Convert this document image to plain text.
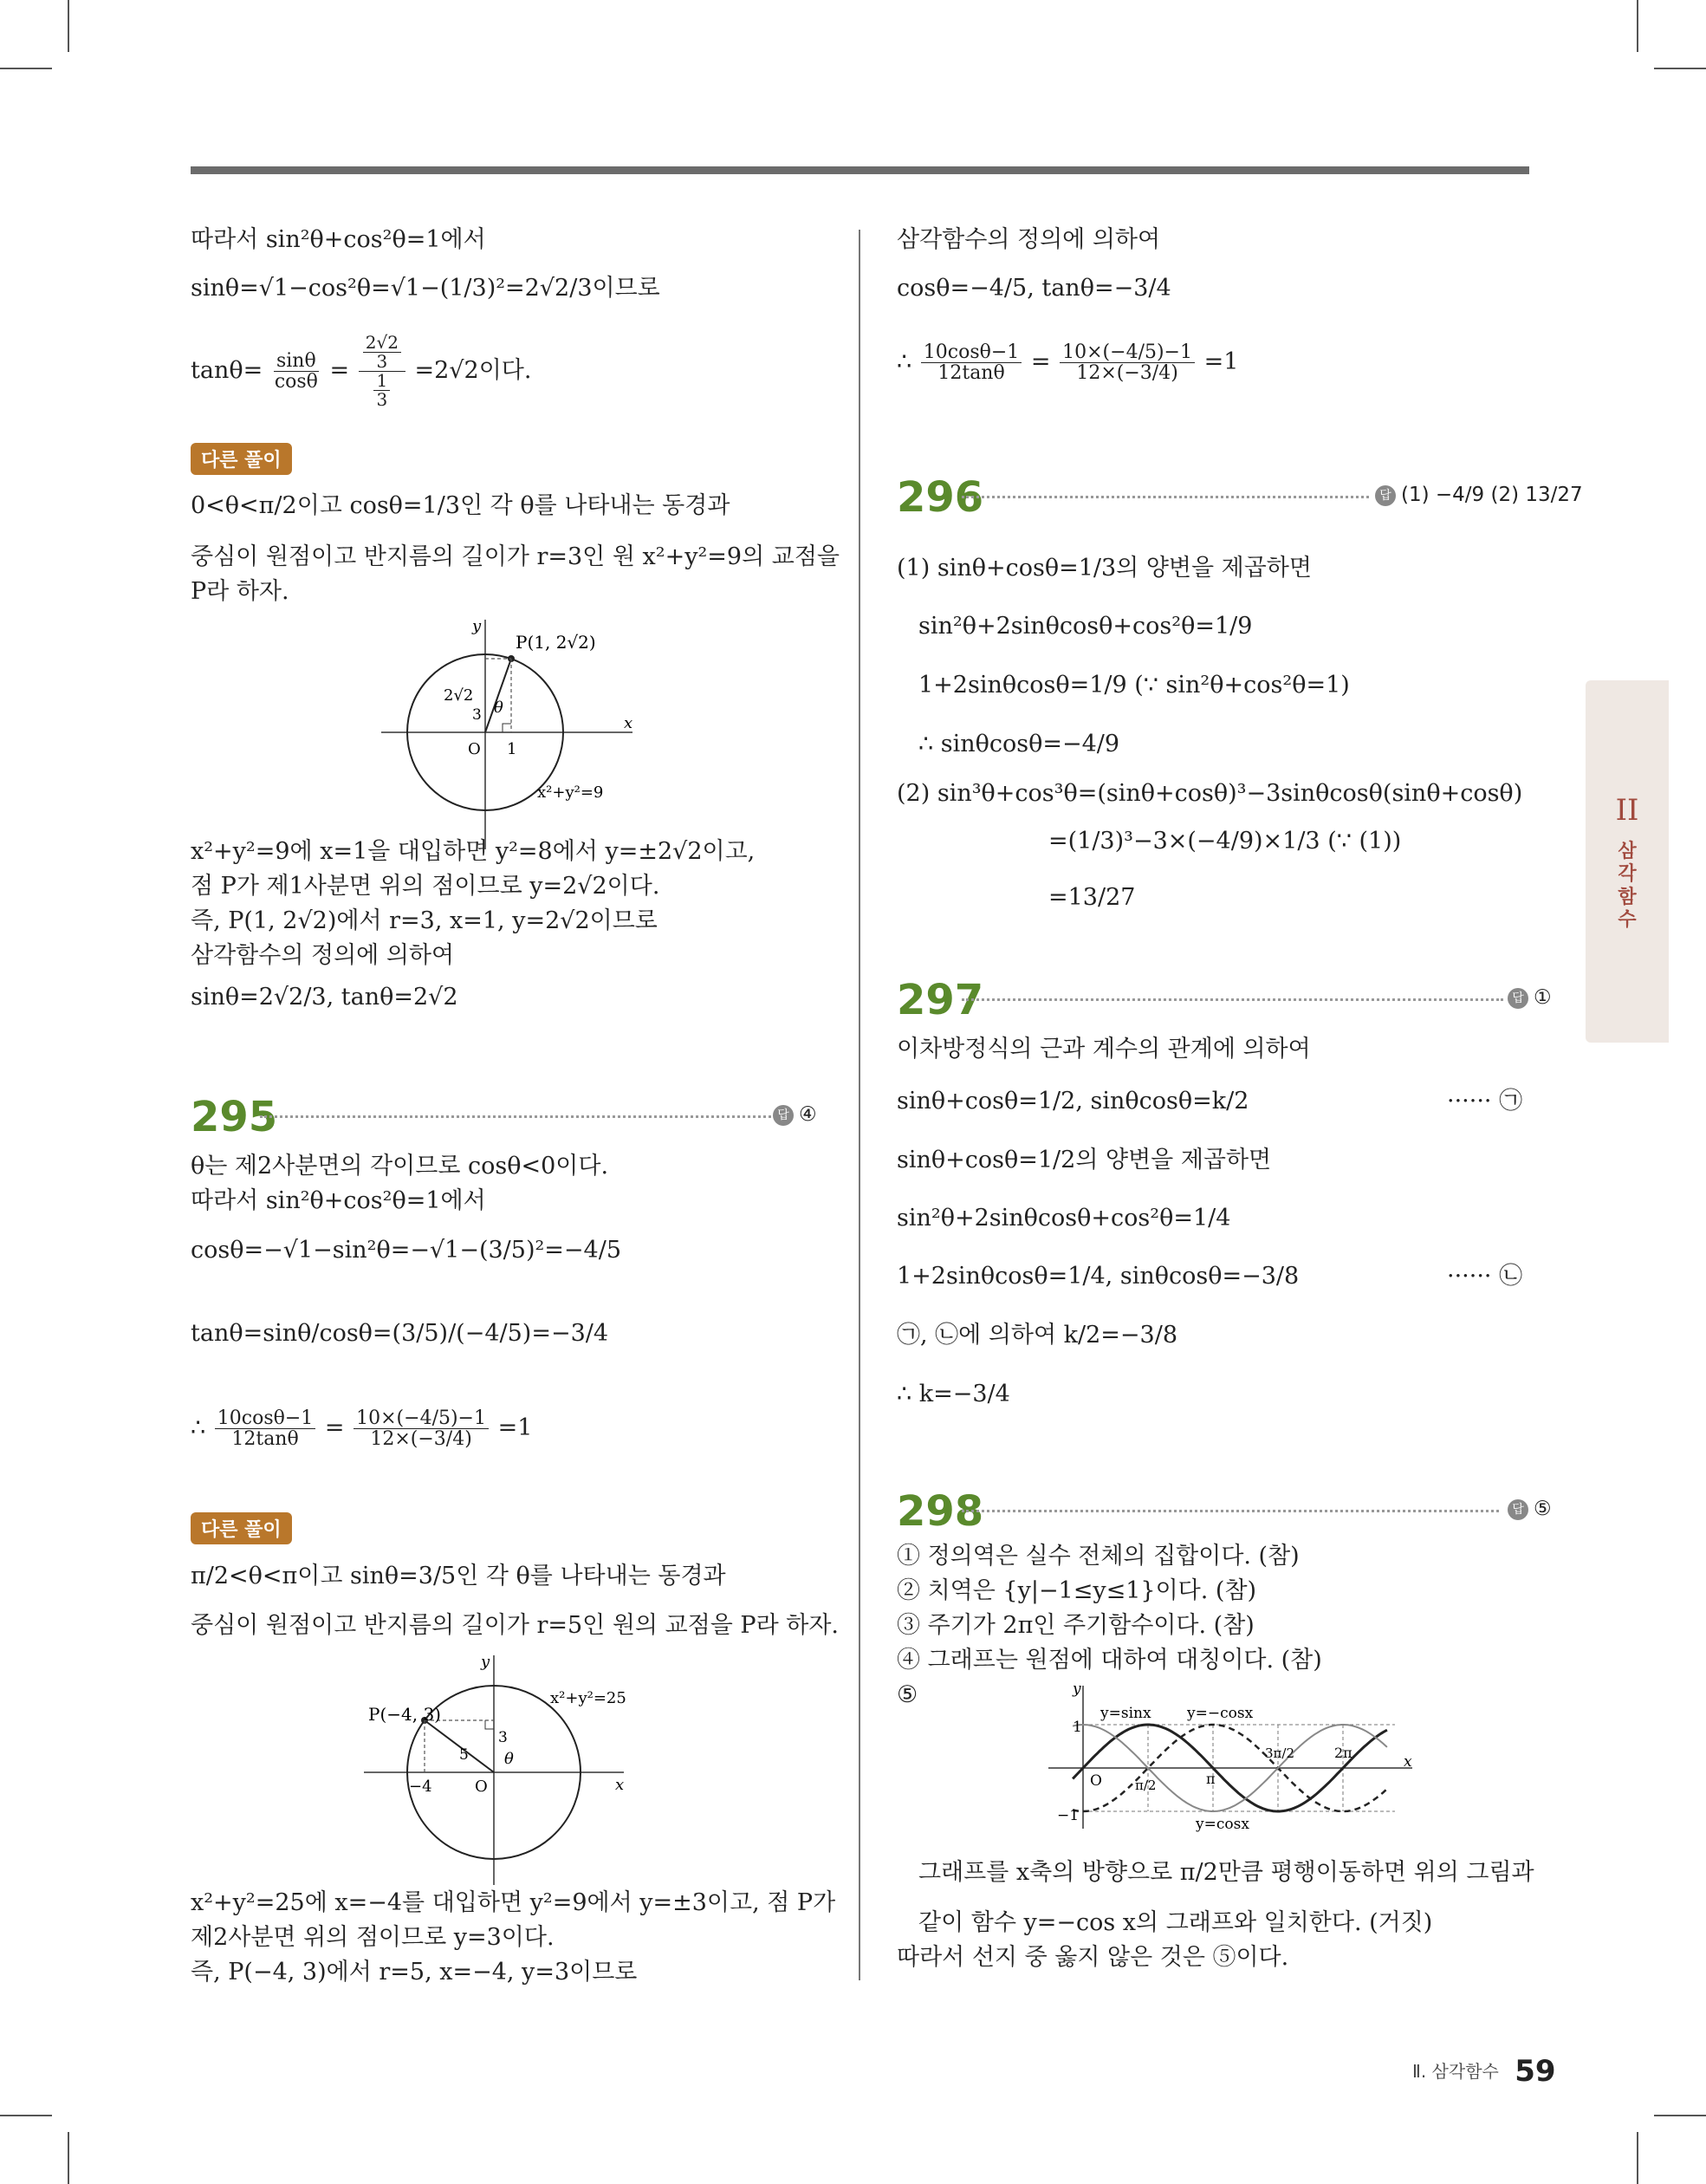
따라서 sin²θ+cos²θ=1에서
sinθ=√1−cos²θ=√1−(1/3)²=2√2/3이므로
$\tan\theta= \frac{\sin\theta}{\cos\theta} = \frac{\frac{2√2}{3}}{\frac{1}{3}} =2√2$이다.
다른 풀이
0<θ<π/2이고 cosθ=1/3인 각 θ를 나타내는 동경과
중심이 원점이고 반지름의 길이가 r=3인 원 x²+y²=9의 교점을
P라 하자.
P(1, 2√2)
2√2
3 θ
O 1
x
y
x²+y²=9
x²+y²=9에 x=1을 대입하면 y²=8에서 y=±2√2이고,
점 P가 제1사분면 위의 점이므로 y=2√2이다.
즉, P(1, 2√2)에서 r=3, x=1, y=2√2이므로
삼각함수의 정의에 의하여
sinθ=2√2/3, tanθ=2√2
295	답 ④
θ는 제2사분면의 각이므로 cosθ<0이다.
따라서 sin²θ+cos²θ=1에서
cosθ=−√1−sin²θ=−√1−(3/5)²=−4/5
tanθ=sinθ/cosθ=(3/5)/(−4/5)=−3/4
∴ $\frac{10\cos\theta-1}{12\tan\theta} = \frac{10\times(-4/5)-1}{12\times(-3/4)} =1$
다른 풀이
π/2<θ<π이고 sinθ=3/5인 각 θ를 나타내는 동경과
중심이 원점이고 반지름의 길이가 r=5인 원의 교점을 P라 하자.
P(−4, 3)
x²+y²=25
3
5 θ
−4	O	x
y
x²+y²=25에 x=−4를 대입하면 y²=9에서 y=±3이고, 점 P가
제2사분면 위의 점이므로 y=3이다.
즉, P(−4, 3)에서 r=5, x=−4, y=3이므로
삼각함수의 정의에 의하여
cosθ=−4/5, tanθ=−3/4
∴ $\frac{10\cos\theta-1}{12\tan\theta} = \frac{10\times(-4/5)-1}{12\times(-3/4)} =1$
296	답 (1) −4/9 (2) 13/27
(1) sinθ+cosθ=1/3의 양변을 제곱하면
sin²θ+2sinθcosθ+cos²θ=1/9
1+2sinθcosθ=1/9 (∵ sin²θ+cos²θ=1)
∴ sinθcosθ=−4/9
(2) sin³θ+cos³θ=(sinθ+cosθ)³−3sinθcosθ(sinθ+cosθ)
=(1/3)³−3×(−4/9)×1/3 (∵ (1))
=13/27
297	답 ①
이차방정식의 근과 계수의 관계에 의하여
sinθ+cosθ=1/2, sinθcosθ=k/2	······ ㉠
sinθ+cosθ=1/2의 양변을 제곱하면
sin²θ+2sinθcosθ+cos²θ=1/4
1+2sinθcosθ=1/4, sinθcosθ=−3/8	······ ㉡
㉠, ㉡에 의하여 k/2=−3/8
∴ k=−3/4
298	답 ⑤
① 정의역은 실수 전체의 집합이다. (참)
② 치역은 {y|−1≤y≤1}이다. (참)
③ 주기가 2π인 주기함수이다. (참)
④ 그래프는 원점에 대하여 대칭이다. (참)
⑤
1
−1
O	π/2	π
3π/2	2π
x
y
y=sinx y=−cosx
y=cosx
그래프를 x축의 방향으로 π/2만큼 평행이동하면 위의 그림과
같이 함수 y=−cos x의 그래프와 일치한다. (거짓)
따라서 선지 중 옳지 않은 것은 ⑤이다.
II
삼각함수
Ⅱ. 삼각함수 59
